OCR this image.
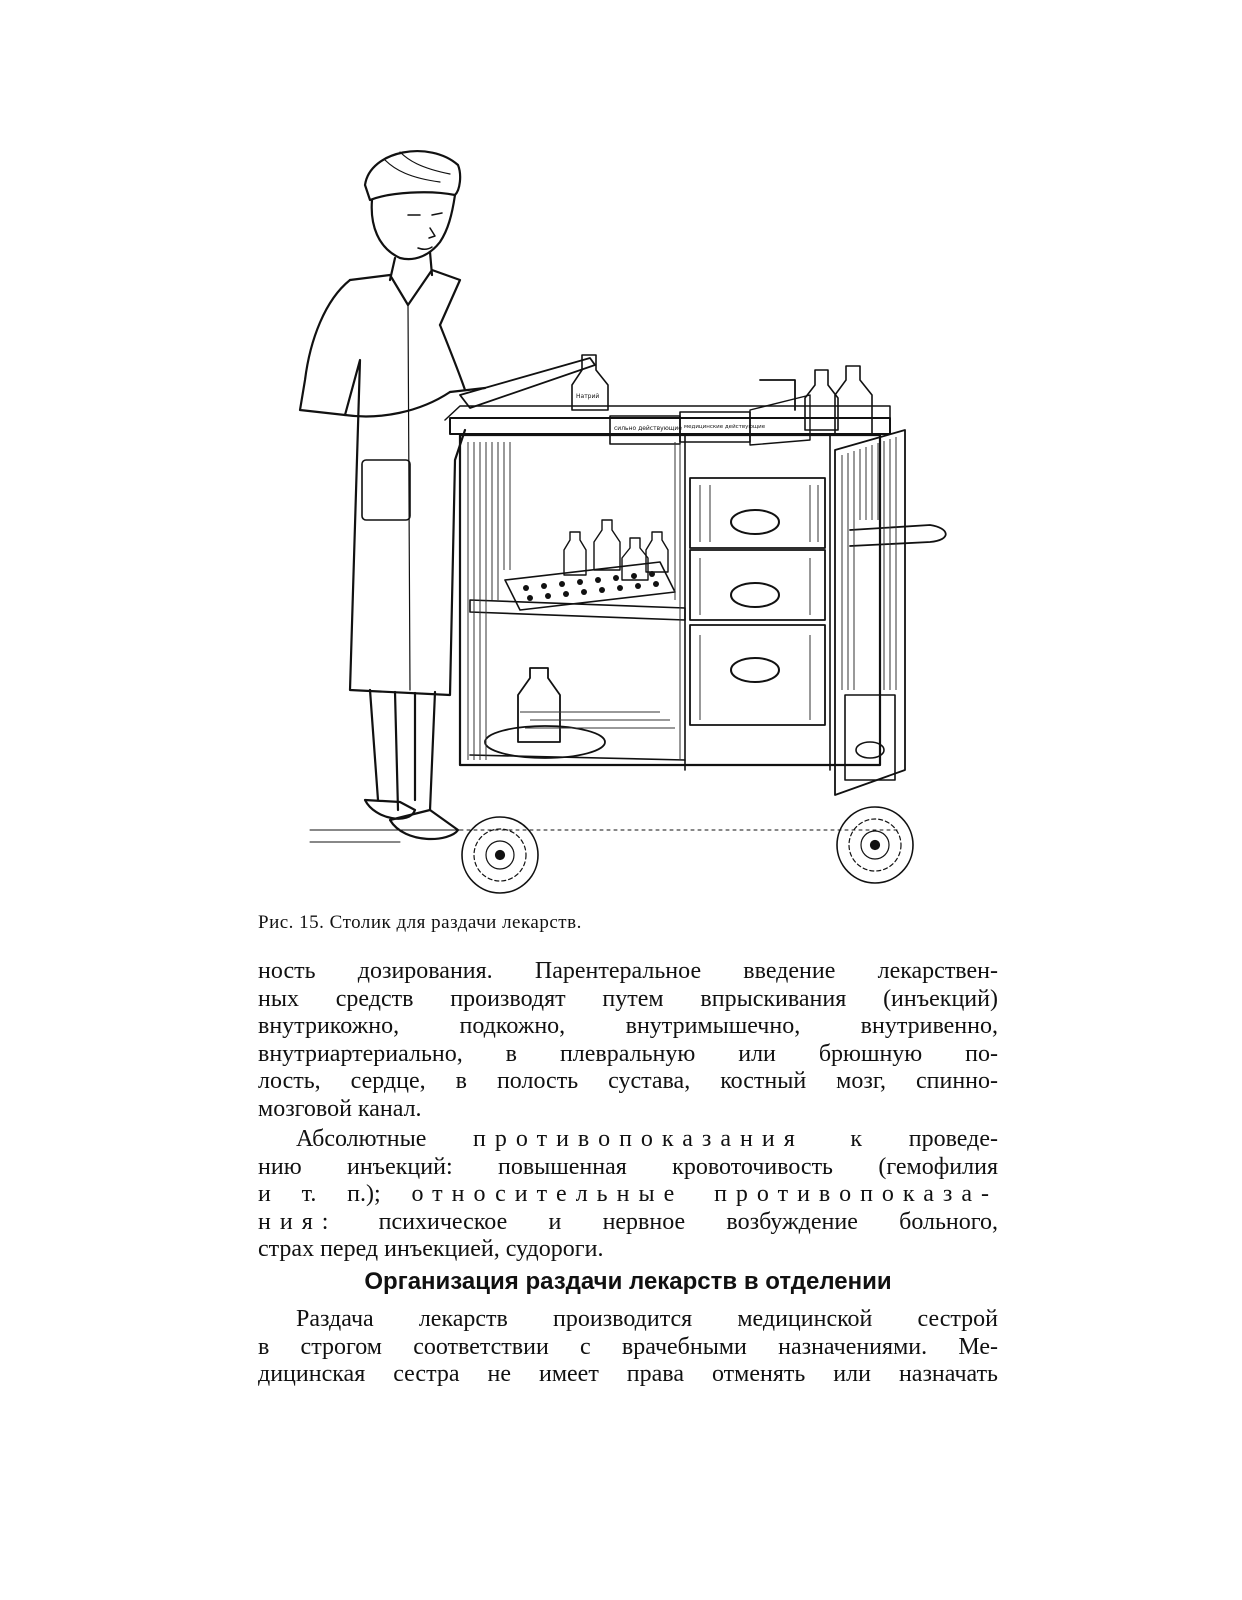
сильно действующие медицинские действующие
Натрий
Рис. 15. Столик для раздачи лекарств.
ность дозирования. Парентеральное введение лекарствен-
ных средств производят путем впрыскивания (инъекций)
внутрикожно, подкожно, внутримышечно, внутривенно,
внутриартериально, в плевральную или брюшную по-
лость, сердце, в полость сустава, костный мозг, спинно-
мозговой канал.
Абсолютные противопоказания к проведе-
нию инъекций: повышенная кровоточивость (гемофилия
и т. п.); относительные противопоказа-
ния: психическое и нервное возбуждение больного,
страх перед инъекцией, судороги.
Организация раздачи лекарств в отделении
Раздача лекарств производится медицинской сестрой
в строгом соответствии с врачебными назначениями. Ме-
дицинская сестра не имеет права отменять или назначать
